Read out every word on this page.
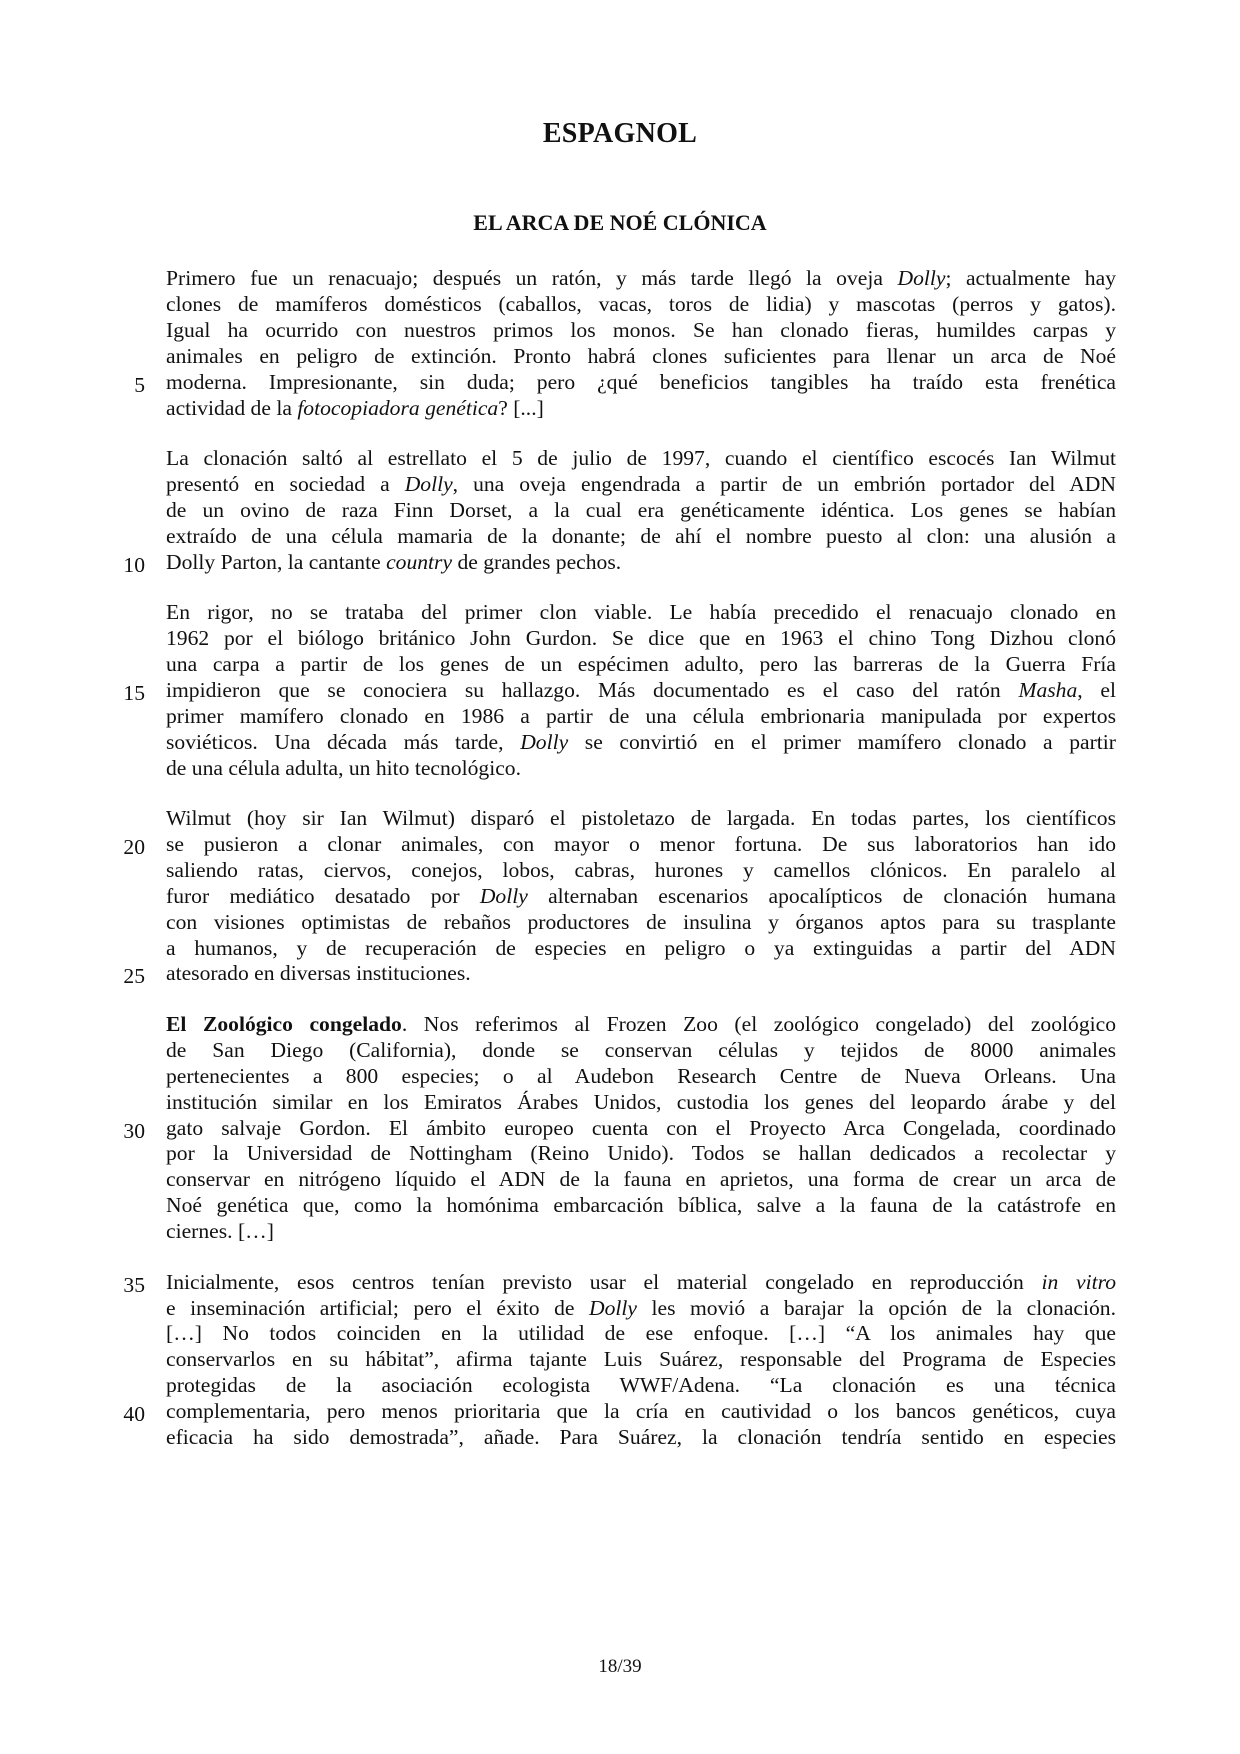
ESPAGNOL
EL ARCA DE NOÉ CLÓNICA
Primero fue un renacuajo; después un ratón, y más tarde llegó la oveja Dolly; actualmente hay
clones de mamíferos domésticos (caballos, vacas, toros de lidia) y mascotas (perros y gatos).
Igual ha ocurrido con nuestros primos los monos. Se han clonado fieras, humildes carpas y
animales en peligro de extinción. Pronto habrá clones suficientes para llenar un arca de Noé
moderna. Impresionante, sin duda; pero ¿qué beneficios tangibles ha traído esta frenética
5
actividad de la fotocopiadora genética? [...]
La clonación saltó al estrellato el 5 de julio de 1997, cuando el científico escocés Ian Wilmut
presentó en sociedad a Dolly, una oveja engendrada a partir de un embrión portador del ADN
de un ovino de raza Finn Dorset, a la cual era genéticamente idéntica. Los genes se habían
extraído de una célula mamaria de la donante; de ahí el nombre puesto al clon: una alusión a
Dolly Parton, la cantante country de grandes pechos.
10
En rigor, no se trataba del primer clon viable. Le había precedido el renacuajo clonado en
1962 por el biólogo británico John Gurdon. Se dice que en 1963 el chino Tong Dizhou clonó
una carpa a partir de los genes de un espécimen adulto, pero las barreras de la Guerra Fría
impidieron que se conociera su hallazgo. Más documentado es el caso del ratón Masha, el
15
primer mamífero clonado en 1986 a partir de una célula embrionaria manipulada por expertos
soviéticos. Una década más tarde, Dolly se convirtió en el primer mamífero clonado a partir
de una célula adulta, un hito tecnológico.
Wilmut (hoy sir Ian Wilmut) disparó el pistoletazo de largada. En todas partes, los científicos
se pusieron a clonar animales, con mayor o menor fortuna. De sus laboratorios han ido
20
saliendo ratas, ciervos, conejos, lobos, cabras, hurones y camellos clónicos. En paralelo al
furor mediático desatado por Dolly alternaban escenarios apocalípticos de clonación humana
con visiones optimistas de rebaños productores de insulina y órganos aptos para su trasplante
a humanos, y de recuperación de especies en peligro o ya extinguidas a partir del ADN
atesorado en diversas instituciones.
25
El Zoológico congelado. Nos referimos al Frozen Zoo (el zoológico congelado) del zoológico
de San Diego (California), donde se conservan células y tejidos de 8000 animales
pertenecientes a 800 especies; o al Audebon Research Centre de Nueva Orleans. Una
institución similar en los Emiratos Árabes Unidos, custodia los genes del leopardo árabe y del
gato salvaje Gordon. El ámbito europeo cuenta con el Proyecto Arca Congelada, coordinado
30
por la Universidad de Nottingham (Reino Unido). Todos se hallan dedicados a recolectar y
conservar en nitrógeno líquido el ADN de la fauna en aprietos, una forma de crear un arca de
Noé genética que, como la homónima embarcación bíblica, salve a la fauna de la catástrofe en
ciernes. […]
Inicialmente, esos centros tenían previsto usar el material congelado en reproducción in vitro
35
e inseminación artificial; pero el éxito de Dolly les movió a barajar la opción de la clonación.
[…] No todos coinciden en la utilidad de ese enfoque. […] “A los animales hay que
conservarlos en su hábitat”, afirma tajante Luis Suárez, responsable del Programa de Especies
protegidas de la asociación ecologista WWF/Adena. “La clonación es una técnica
complementaria, pero menos prioritaria que la cría en cautividad o los bancos genéticos, cuya
40
eficacia ha sido demostrada”, añade. Para Suárez, la clonación tendría sentido en especies
18/39
